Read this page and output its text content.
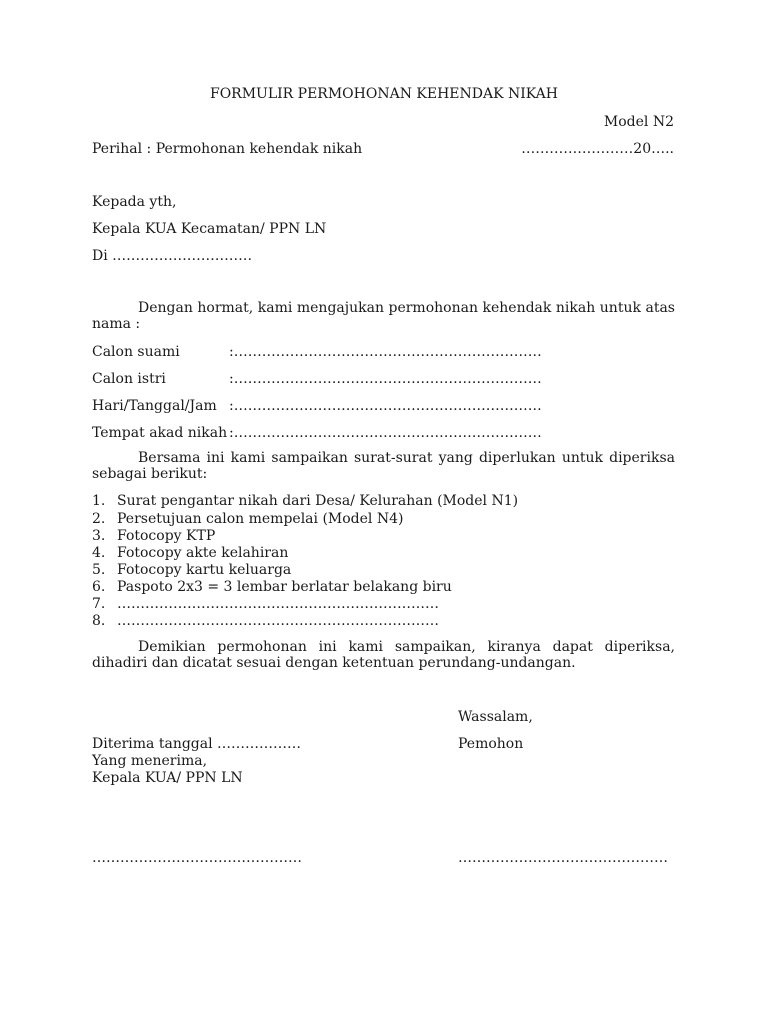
FORMULIR PERMOHONAN KEHENDAK NIKAH
Model N2
Perihal : Permohonan kehendak nikah	……………………20…..
Kepada yth,
Kepala KUA Kecamatan/ PPN LN
Di …………………………
Dengan hormat, kami mengajukan permohonan kehendak nikah untuk atas nama :
Calon suami	:…………………………………………………………
Calon istri	:…………………………………………………………
Hari/Tanggal/Jam :…………………………………………………………
Tempat akad nikah :…………………………………………………………
Bersama ini kami sampaikan surat-surat yang diperlukan untuk diperiksa sebagai berikut:
1. Surat pengantar nikah dari Desa/ Kelurahan (Model N1)
2. Persetujuan calon mempelai (Model N4)
3. Fotocopy KTP
4. Fotocopy akte kelahiran
5. Fotocopy kartu keluarga
6. Paspoto 2x3 = 3 lembar berlatar belakang biru
7. ……………………………………………………………
8. ……………………………………………………………
Demikian permohonan ini kami sampaikan, kiranya dapat diperiksa, dihadiri dan dicatat sesuai dengan ketentuan perundang-undangan.
Wassalam,
Diterima tanggal ………………	Pemohon
Yang menerima,
Kepala KUA/ PPN LN
………………………………………	………………………………………
